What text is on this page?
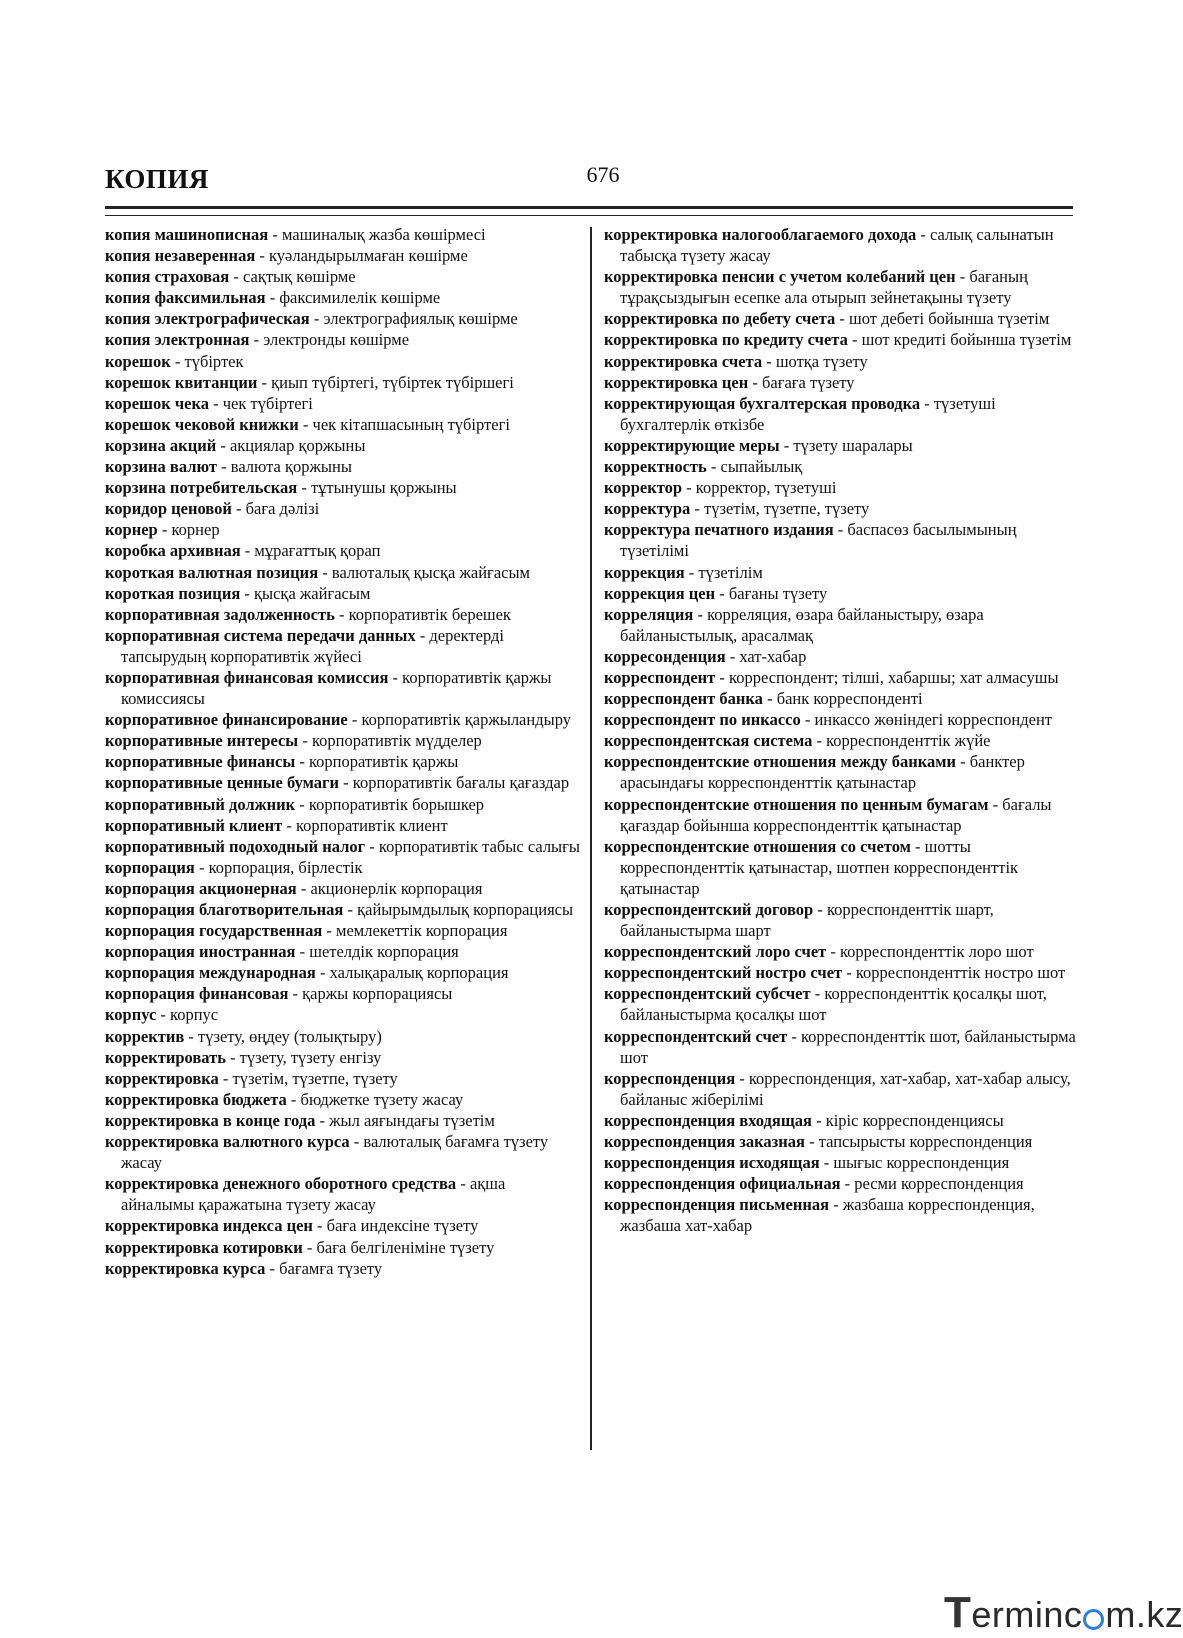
КОПИЯ	676

копия машинописная - машиналық жазба көшірмесі

копия незаверенная - куәландырылмаған көшірме

копия страховая - сақтық көшірме

копия факсимильная - факсимилелік көшірме

копия электрографическая - электрографиялық көшірме

копия электронная - электронды көшірме

корешок - түбіртек

корешок квитанции - қиып түбіртегі, түбіртек түбіршегі

корешок чека - чек түбіртегі

корешок чековой книжки - чек кітапшасының түбіртегі

корзина акций - акциялар қоржыны

корзина валют - валюта қоржыны

корзина потребительская - тұтынушы қоржыны

коридор ценовой - баға дәлізі

корнер - корнер

коробка архивная - мұрағаттық қорап

короткая валютная позиция - валюталық қысқа жайғасым

короткая позиция - қысқа жайғасым

корпоративная задолженность - корпоративтік берешек

корпоративная система передачи данных - деректерді тапсырудың корпоративтік жүйесі

корпоративная финансовая комиссия - корпоративтік қаржы комиссиясы

корпоративное финансирование - корпоративтік қаржыландыру

корпоративные интересы - корпоративтік мүдделер

корпоративные финансы - корпоративтік қаржы

корпоративные ценные бумаги - корпоративтік бағалы қағаздар

корпоративный должник - корпоративтік борышкер

корпоративный клиент - корпоративтік клиент

корпоративный подоходный налог - корпоративтік табыс салығы

корпорация - корпорация, бірлестік

корпорация акционерная - акционерлік корпорация

корпорация благотворительная - қайырымдылық корпорациясы

корпорация государственная - мемлекеттік корпорация

корпорация иностранная - шетелдік корпорация

корпорация международная - халықаралық корпорация

корпорация финансовая - қаржы корпорациясы

корпус - корпус

корректив - түзету, өңдеу (толықтыру)

корректировать - түзету, түзету енгізу

корректировка - түзетім, түзетпе, түзету

корректировка бюджета - бюджетке түзету жасау

корректировка в конце года - жыл аяғындағы түзетім

корректировка валютного курса - валюталық бағамға түзету жасау

корректировка денежного оборотного средства - ақша айналымы қаражатына түзету жасау

корректировка индекса цен - баға индексіне түзету

корректировка котировки - баға белгіленіміне түзету

корректировка курса - бағамға түзету

корректировка налогооблагаемого дохода - салық салынатын табысқа түзету жасау

корректировка пенсии с учетом колебаний цен - бағаның тұрақсыздығын есепке ала отырып зейнетақыны түзету

корректировка по дебету счета - шот дебеті бойынша түзетім

корректировка по кредиту счета - шот кредиті бойынша түзетім

корректировка счета - шотқа түзету

корректировка цен - бағаға түзету

корректирующая бухгалтерская проводка - түзетуші бухгалтерлік өткізбе

корректирующие меры - түзету шаралары

корректность - сыпайылық

корректор - корректор, түзетуші

корректура - түзетім, түзетпе, түзету

корректура печатного издания - баспасөз басылымының түзетілімі

коррекция - түзетілім

коррекция цен - бағаны түзету

корреляция - корреляция, өзара байланыстыру, өзара байланыстылық, арасалмақ

корресонденция - хат-хабар

корреспондент - корреспондент; тілші, хабаршы; хат алмасушы

корреспондент банка - банк корреспонденті

корреспондент по инкассо - инкассо жөніндегі корреспондент

корреспондентская система - корреспонденттік жүйе

корреспондентские отношения между банками - банктер арасындағы корреспонденттік қатынастар

корреспондентские отношения по ценным бумагам - бағалы қағаздар бойынша корреспонденттік қатынастар

корреспондентские отношения со счетом - шотты корреспонденттік қатынастар, шотпен корреспонденттік қатынастар

корреспондентский договор - корреспонденттік шарт, байланыстырма шарт

корреспондентский лоро счет - корреспонденттік лоро шот

корреспондентский ностро счет - корреспонденттік ностро шот

корреспондентский субсчет - корреспонденттік қосалқы шот, байланыстырма қосалқы шот

корреспондентский счет - корреспонденттік шот, байланыстырма шот

корреспонденция - корреспонденция, хат-хабар, хат-хабар алысу, байланыс жіберілімі

корреспонденция входящая - кіріс корреспонденциясы

корреспонденция заказная - тапсырысты корреспонденция

корреспонденция исходящая - шығыс корреспонденция

корреспонденция официальная - ресми корреспонденция

корреспонденция письменная - жазбаша корреспонденция, жазбаша хат-хабар

Terminc m.kz
